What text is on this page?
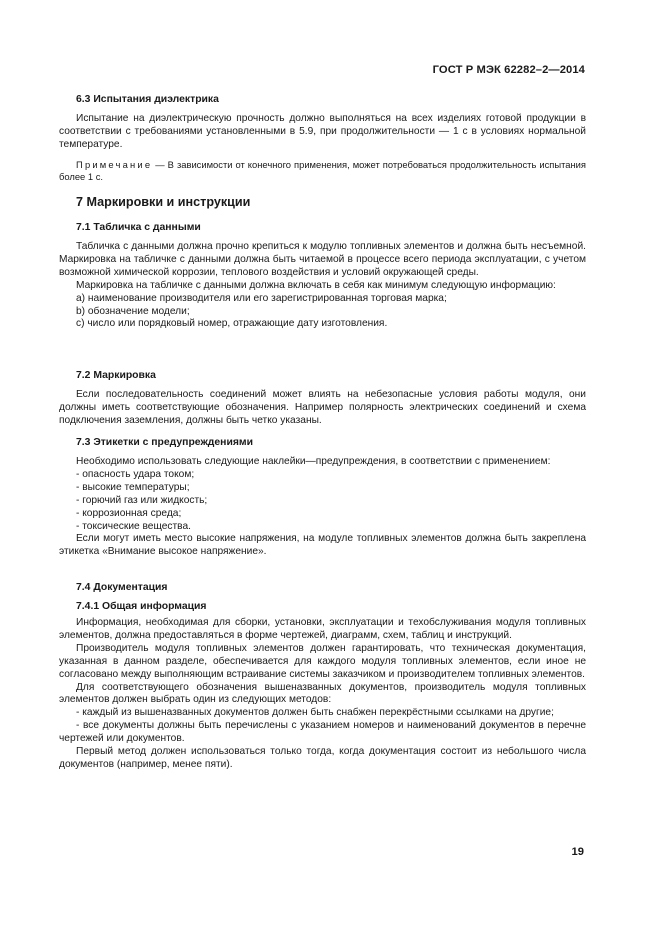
ГОСТ Р МЭК 62282–2—2014

6.3 Испытания диэлектрика

Испытание на диэлектрическую прочность должно выполняться на всех изделиях готовой продукции в соответствии с требованиями установленными в 5.9, при продолжительности — 1 с в условиях нормальной температуре.

Примечание — В зависимости от конечного применения, может потребоваться продолжительность испытания более 1 с.

7 Маркировки и инструкции

7.1 Табличка с данными

Табличка с данными должна прочно крепиться к модулю топливных элементов и должна быть несъемной. Маркировка на табличке с данными должна быть читаемой в процессе всего периода эксплуатации, с учетом возможной химической коррозии, теплового воздействия и условий окружающей среды.

Маркировка на табличке с данными должна включать в себя как минимум следующую информацию:

a) наименование производителя или его зарегистрированная торговая марка;

b) обозначение модели;

c) число или порядковый номер, отражающие дату изготовления.

7.2 Маркировка

Если последовательность соединений может влиять на небезопасные условия работы модуля, они должны иметь соответствующие обозначения. Например полярность электрических соединений и схема подключения заземления, должны быть четко указаны.

7.3 Этикетки с предупреждениями

Необходимо использовать следующие наклейки—предупреждения, в соответствии с применением:

- опасность удара током;

- высокие температуры;

- горючий газ или жидкость;

- коррозионная среда;

- токсические вещества.

Если могут иметь место высокие напряжения, на модуле топливных элементов должна быть закреплена этикетка «Внимание высокое напряжение».

7.4 Документация

7.4.1 Общая информация

Информация, необходимая для сборки, установки, эксплуатации и техобслуживания модуля топливных элементов, должна предоставляться в форме чертежей, диаграмм, схем, таблиц и инструкций.

Производитель модуля топливных элементов должен гарантировать, что техническая документация, указанная в данном разделе, обеспечивается для каждого модуля топливных элементов, если иное не согласовано между выполняющим встраивание системы заказчиком и производителем топливных элементов.

Для соответствующего обозначения вышеназванных документов, производитель модуля топливных элементов должен выбрать один из следующих методов:

- каждый из вышеназванных документов должен быть снабжен перекрёстными ссылками на другие;

- все документы должны быть перечислены с указанием номеров и наименований документов в перечне чертежей или документов.

Первый метод должен использоваться только тогда, когда документация состоит из небольшого числа документов (например, менее пяти).

19
